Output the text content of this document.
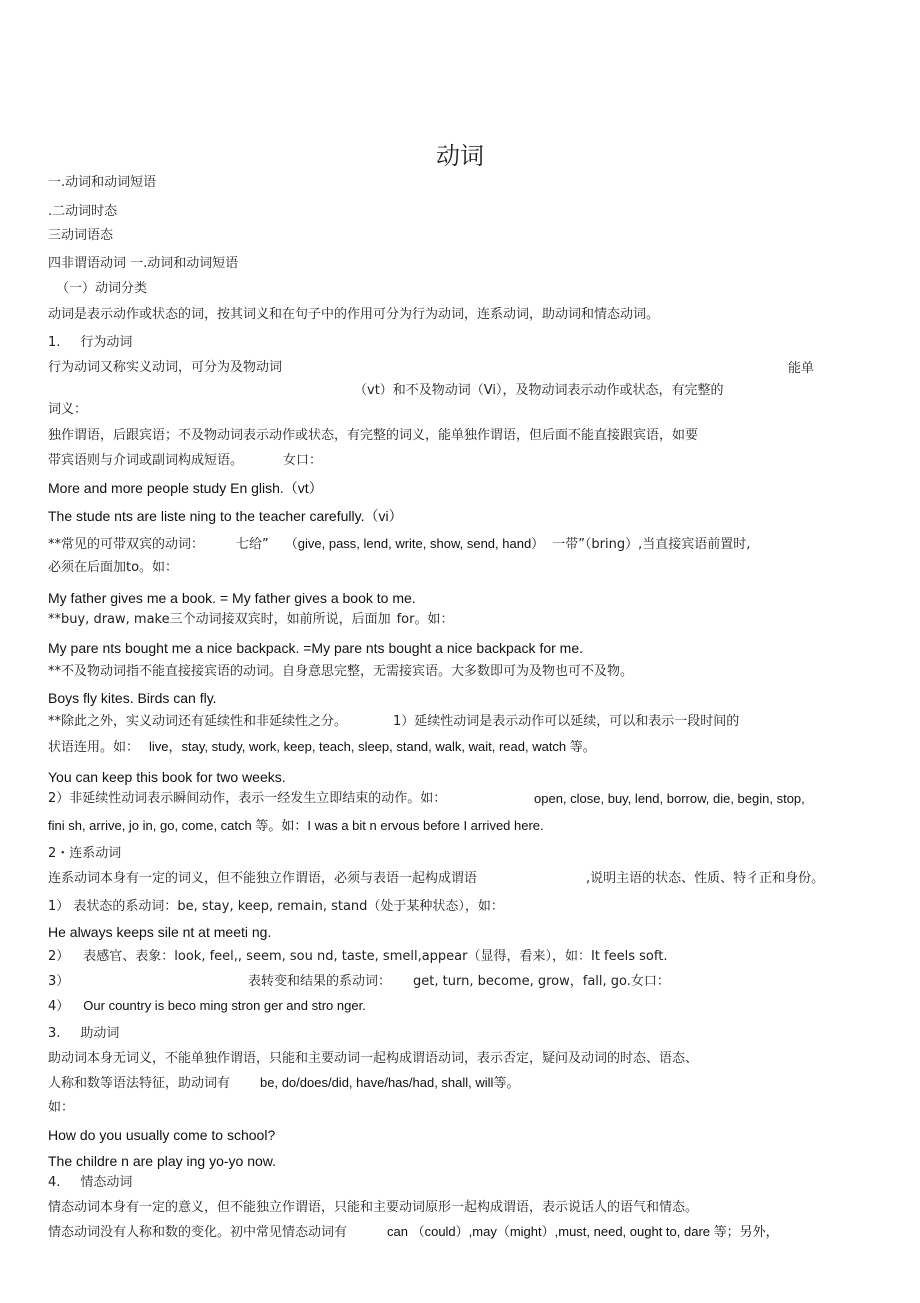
动词
一.动词和动词短语
.二动词时态
三动词语态
四非谓语动词 一.动词和动词短语
（一）动词分类
动词是表示动作或状态的词，按其词义和在句子中的作用可分为行为动词，连系动词，助动词和情态动词。
1. 行为动词
行为动词又称实义动词，可分为及物动词	能单
（vt）和不及物动词（Vi），及物动词表示动作或状态，有完整的
词义：
独作谓语，后跟宾语；不及物动词表示动作或状态，有完整的词义，能单独作谓语，但后面不能直接跟宾语，如要
带宾语则与介词或副词构成短语。	女口：
More and more people study En glish.（vt）
The stude nts are liste ning to the teacher carefully.（vi）
**常见的可带双宾的动词： 七给” （give, pass, lend, write, show, send, hand） 一带”（bring）,当直接宾语前置时,
必须在后面加to。如：
My father gives me a book. = My father gives a book to me.
**buy, draw, make三个动词接双宾时，如前所说，后面加 for。如：
My pare nts bought me a nice backpack. =My pare nts bought a nice backpack for me.
**不及物动词指不能直接接宾语的动词。自身意思完整，无需接宾语。大多数即可为及物也可不及物。
Boys fly kites. Birds can fly.
**除此之外，实义动词还有延续性和非延续性之分。	1）延续性动词是表示动作可以延续，可以和表示一段时间的
状语连用。如： live，stay, study, work, keep, teach, sleep, stand, walk, wait, read, watch 等。
You can keep this book for two weeks.
2）非延续性动词表示瞬间动作，表示一经发生立即结束的动作。如：	open, close, buy, lend, borrow, die, begin, stop,
fini sh, arrive, jo in, go, come, catch 等。如：I was a bit n ervous before I arrived here.
2・连系动词
连系动词本身有一定的词义，但不能独立作谓语，必须与表语一起构成谓语	,说明主语的状态、性质、特彳正和身份。
1） 表状态的系动词：be, stay, keep, remain, stand（处于某种状态），如：
He always keeps sile nt at meeti ng.
2） 表感官、表象：look, feel,, seem, sou nd, taste, smell,appear（显得，看来），如：It feels soft.
3）	表转变和结果的系动词： get, turn, become, grow，fall, go.女口：
4） Our country is beco ming stron ger and stro nger.
3. 助动词
助动词本身无词义，不能单独作谓语，只能和主要动词一起构成谓语动词，表示否定，疑问及动词的时态、语态、
人称和数等语法特征，助动词有 be, do/does/did, have/has/had, shall, will等。
如：
How do you usually come to school?
The childre n are play ing yo-yo now.
4. 情态动词
情态动词本身有一定的意义，但不能独立作谓语，只能和主要动词原形一起构成谓语，表示说话人的语气和情态。
情态动词没有人称和数的变化。初中常见情态动词有	can （could）,may（might）,must, need, ought to, dare 等；另外，
